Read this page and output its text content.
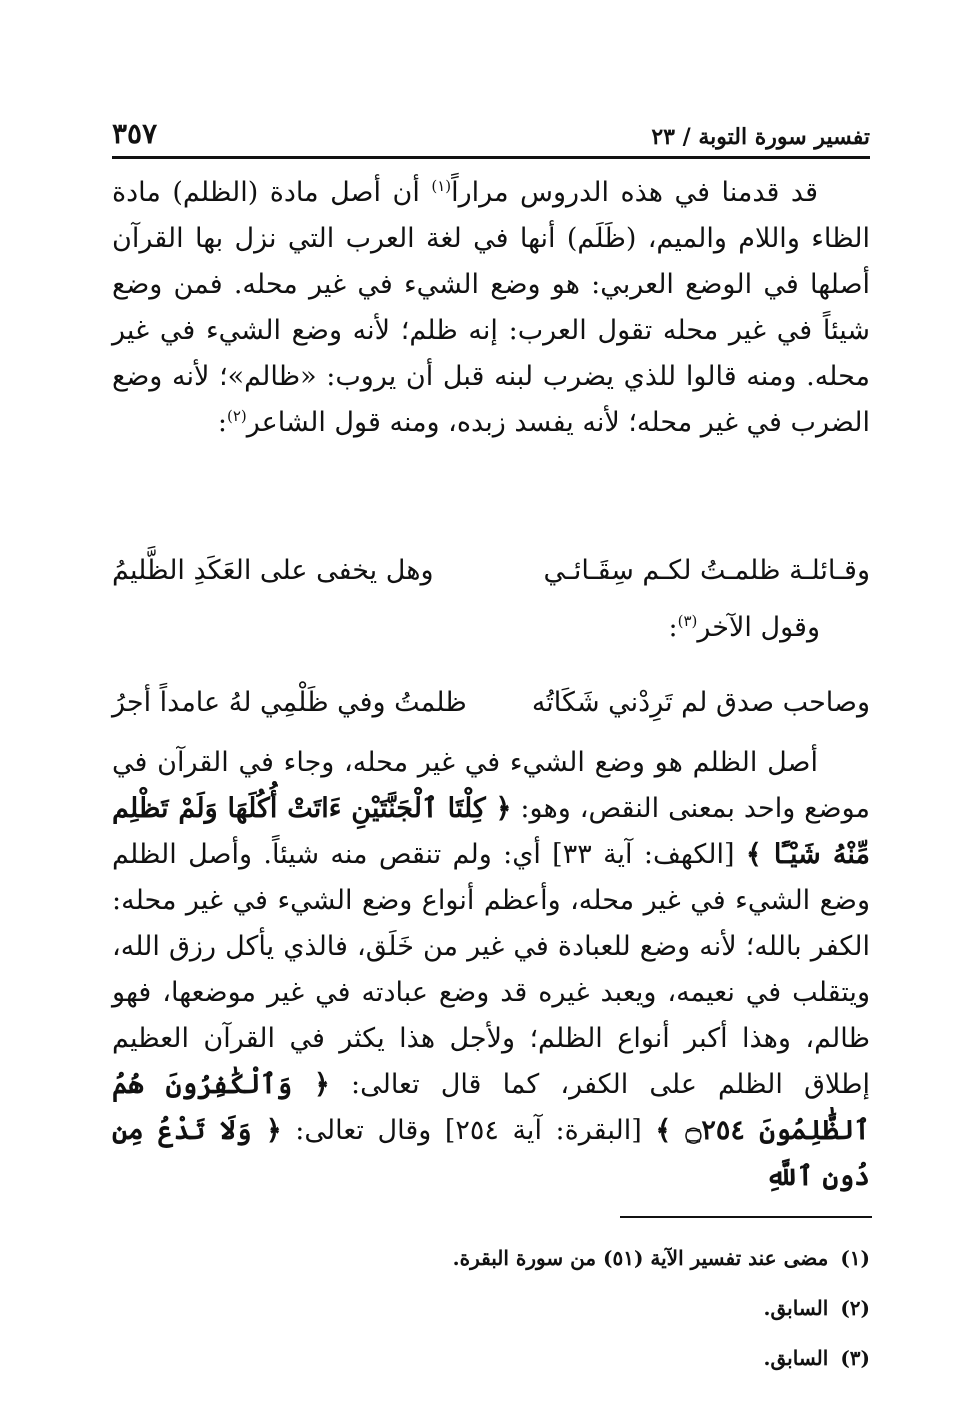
تفسير سورة التوبة / ٢٣
٣٥٧
قد قدمنا في هذه الدروس مراراً$^{(١)}$ أن أصل مادة (الظلم) مادة الظاء واللام والميم، (ظَلَم) أنها في لغة العرب التي نزل بها القرآن أصلها في الوضع العربي: هو وضع الشيء في غير محله. فمن وضع شيئاً في غير محله تقول العرب: إنه ظلم؛ لأنه وضع الشيء في غير محله. ومنه قالوا للذي يضرب لبنه قبل أن يروب: «ظالم»؛ لأنه وضع الضرب في غير محله؛ لأنه يفسد زبده، ومنه قول الشاعر$^{(٢)}$:
وقـائلـة ظلمـتُ لكـم سِقَـائـي
وهل يخفى على العَكَدِ الظَّليمُ
وقول الآخر$^{(٣)}$:
وصاحب صدق لم تَرِدْني شَكَاتُه
ظلمتُ وفي ظَلْمِي لهُ عامداً أجرُ
أصل الظلم هو وضع الشيء في غير محله، وجاء في القرآن في موضع واحد بمعنى النقص، وهو: ﴿ كِلْتَا ٱلْجَنَّتَيْنِ ءَاتَتْ أُكُلَهَا وَلَمْ تَظْلِم مِّنْهُ شَيْـًٔا ﴾ [الكهف: آية ٣٣] أي: ولم تنقص منه شيئاً. وأصل الظلم وضع الشيء في غير محله، وأعظم أنواع وضع الشيء في غير محله: الكفر بالله؛ لأنه وضع للعبادة في غير من خَلَق، فالذي يأكل رزق الله، ويتقلب في نعيمه، ويعبد غيره قد وضع عبادته في غير موضعها، فهو ظالم، وهذا أكبر أنواع الظلم؛ ولأجل هذا يكثر في القرآن العظيم إطلاق الظلم على الكفر، كما قال تعالى: ﴿ وَٱلْكَٰفِرُونَ هُمُ ٱلظَّٰلِمُونَ ۝٢٥٤ ﴾ [البقرة: آية ٢٥٤] وقال تعالى: ﴿ وَلَا تَدْعُ مِن دُونِ ٱللَّهِ
(١)مضى عند تفسير الآية (٥١) من سورة البقرة.
(٢)السابق.
(٣)السابق.
